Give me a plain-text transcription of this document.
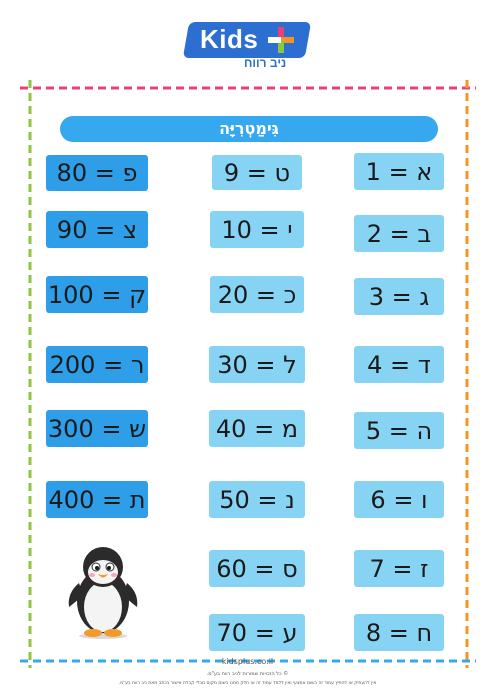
Kids
ניב רווח
גִּימַטְרִיָּה
א = 1
ב = 2
ג = 3
ד = 4
ה = 5
ו = 6
ז = 7
ח = 8
ט = 9
י = 10
כ = 20
ל = 30
מ = 40
נ = 50
ס = 60
ע = 70
פ = 80
צ = 90
ק = 100
ר = 200
ש = 300
ת = 400
kidsplus.co.il
© כל הזכויות שמורות לניב רווח בע"מ.
אין להעתיק או להפיץ עמוד זה בשום אמצעי ואין ללמד עמוד זה או חלק ממנו בשום מקום מבלי קבלת אישור בכתב מאת ניב רווח בע"מ.
